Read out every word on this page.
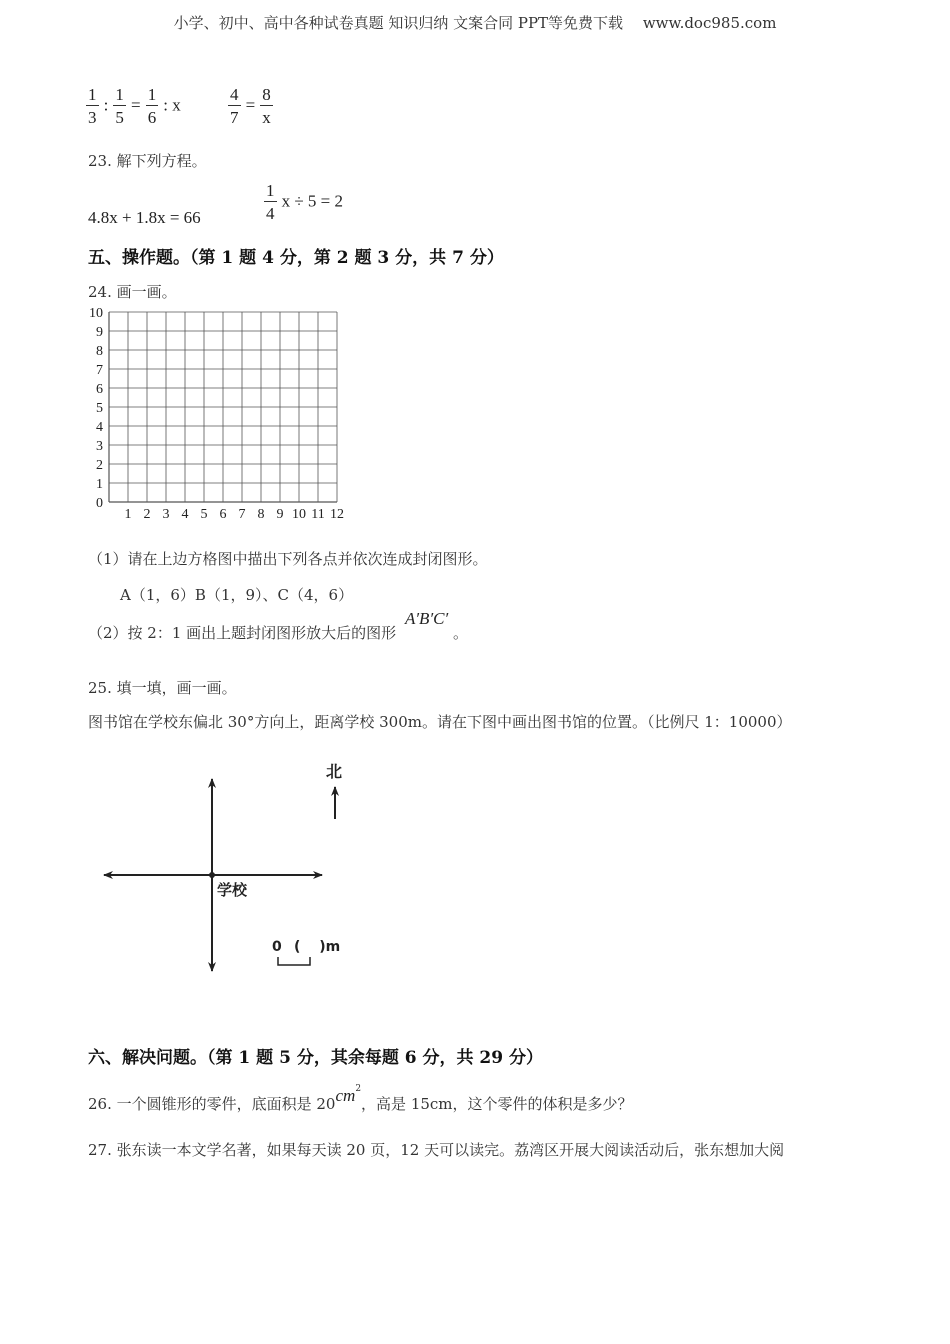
小学、初中、高中各种试卷真题 知识归纳 文案合同 PPT等免费下载 　www.doc985.com
$\frac{1}{3}$ : $\frac{1}{5} = \frac{1}{6}$ : x	$\frac{4}{7} = \frac{8}{x}$
23. 解下列方程。
4.8x + 1.8x = 66	$\frac{1}{4}$ x ÷ 5 = 2
五、操作题。（第 1 题 4 分，第 2 题 3 分，共 7 分）
24. 画一画。
0
1
2
3
4
5
6
7
8
9
10
1 2 3 4 5 6 7 8 9 10 11 12
（1）请在上边方格图中描出下列各点并依次连成封闭图形。
A（1，6）B（1，9）、C（4，6）
（2）按 2：1 画出上题封闭图形放大后的图形 A′B′C′ 。
25. 填一填，画一画。
图书馆在学校东偏北 30°方向上，距离学校 300m。请在下图中画出图书馆的位置。（比例尺 1：10000）
学校
北
0 (　 )m
六、解决问题。（第 1 题 5 分，其余每题 6 分，共 29 分）
26. 一个圆锥形的零件，底面积是 $20cm^2$，高是 15cm，这个零件的体积是多少？
27. 张东读一本文学名著，如果每天读 20 页，12 天可以读完。荔湾区开展大阅读活动后，张东想加大阅
